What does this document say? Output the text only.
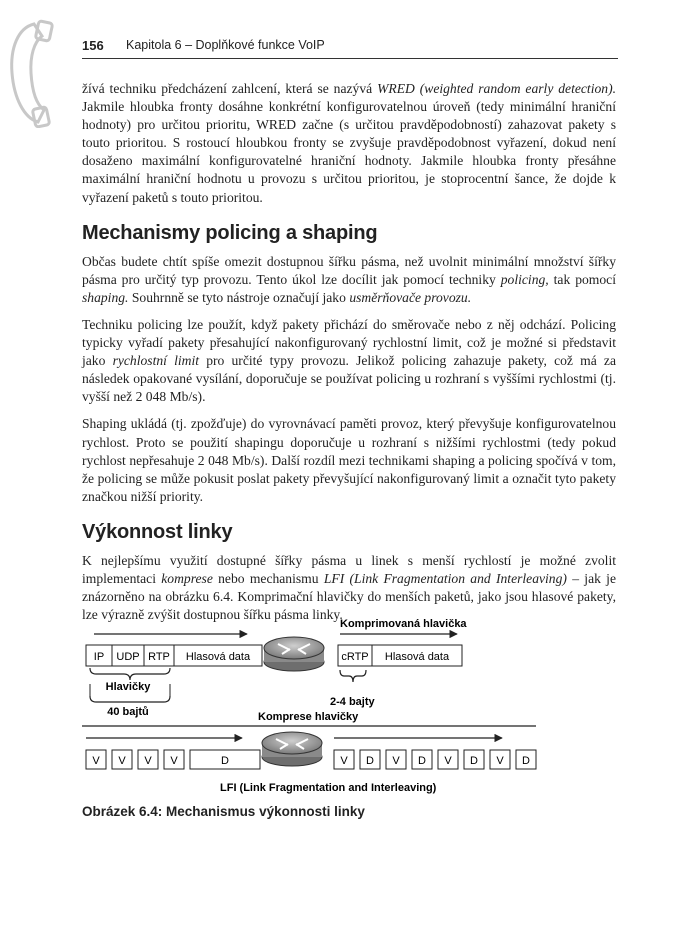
156 Kapitola 6 – Doplňkové funkce VoIP

žívá techniku předcházení zahlcení, která se nazývá WRED (weighted random early detection). Jakmile hloubka fronty dosáhne konkrétní konfigurovatelnou úroveň (tedy minimální hraniční hodnoty) pro určitou prioritu, WRED začne (s určitou pravděpodobností) zahazovat pakety s touto prioritou. S rostoucí hloubkou fronty se zvyšuje pravděpodobnost vyřazení, dokud není dosaženo maximální konfigurovatelné hraniční hodnoty. Jakmile hloubka fronty přesáhne maximální hraniční hodnotu u provozu s určitou prioritou, je stoprocentní šance, že dojde k vyřazení paketů s touto prioritou.

Mechanismy policing a shaping

Občas budete chtít spíše omezit dostupnou šířku pásma, než uvolnit minimální množství šířky pásma pro určitý typ provozu. Tento úkol lze docílit jak pomocí techniky policing, tak pomocí shaping. Souhrnně se tyto nástroje označují jako usměrňovače provozu.

Techniku policing lze použít, když pakety přichází do směrovače nebo z něj odchází. Policing typicky vyřadí pakety přesahující nakonfigurovaný rychlostní limit, což je možné si představit jako rychlostní limit pro určité typy provozu. Jelikož policing zahazuje pakety, což má za následek opakované vysílání, doporučuje se používat policing u rozhraní s vyššími rychlostmi (tj. vyšší než 2 048 Mb/s).

Shaping ukládá (tj. zpožďuje) do vyrovnávací paměti provoz, který převyšuje konfigurovatelnou rychlost. Proto se použití shapingu doporučuje u rozhraní s nižšími rychlostmi (tedy pokud rychlost nepřesahuje 2 048 Mb/s). Další rozdíl mezi technikami shaping a policing spočívá v tom, že policing se může pokusit poslat pakety převyšující nakonfigurovaný limit a označit tyto pakety značkou nižší priority.

Výkonnost linky

K nejlepšímu využití dostupné šířky pásma u linek s menší rychlostí je možné zvolit implementaci komprese nebo mechanismu LFI (Link Fragmentation and Interleaving) – jak je znázorněno na obrázku 6.4. Komprimační hlavičky do menších paketů, jako jsou hlasové pakety, lze výrazně zvýšit dostupnou šířku pásma linky.

IP UDP RTP Hlasová data
Hlavičky
40 bajtů
Komprimovaná hlavička
cRTP Hlasová data
2-4 bajty
Komprese hlavičky
V V V V	D	V D V D V D V D
LFI (Link Fragmentation and Interleaving)
Obrázek 6.4: Mechanismus výkonnosti linky
